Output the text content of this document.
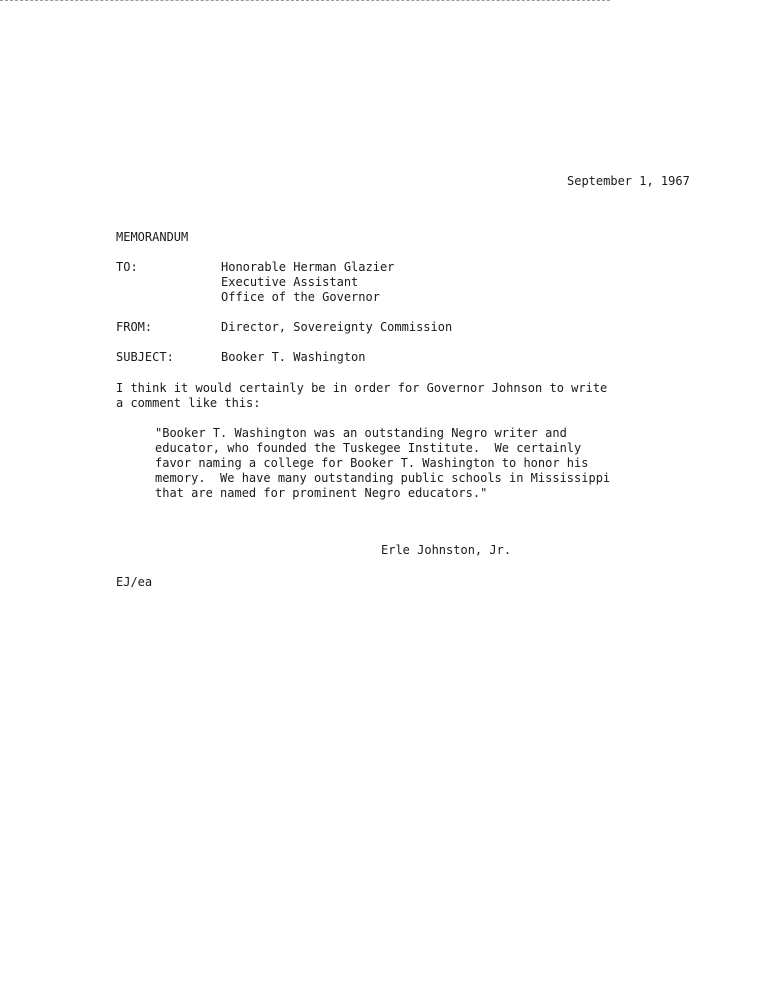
September 1, 1967
MEMORANDUM
TO:	Honorable Herman Glazier
Executive Assistant
Office of the Governor
FROM:	Director, Sovereignty Commission
SUBJECT:	Booker T. Washington
I think it would certainly be in order for Governor Johnson to write
a comment like this:
"Booker T. Washington was an outstanding Negro writer and
educator, who founded the Tuskegee Institute.  We certainly
favor naming a college for Booker T. Washington to honor his
memory.  We have many outstanding public schools in Mississippi
that are named for prominent Negro educators."
Erle Johnston, Jr.
EJ/ea
